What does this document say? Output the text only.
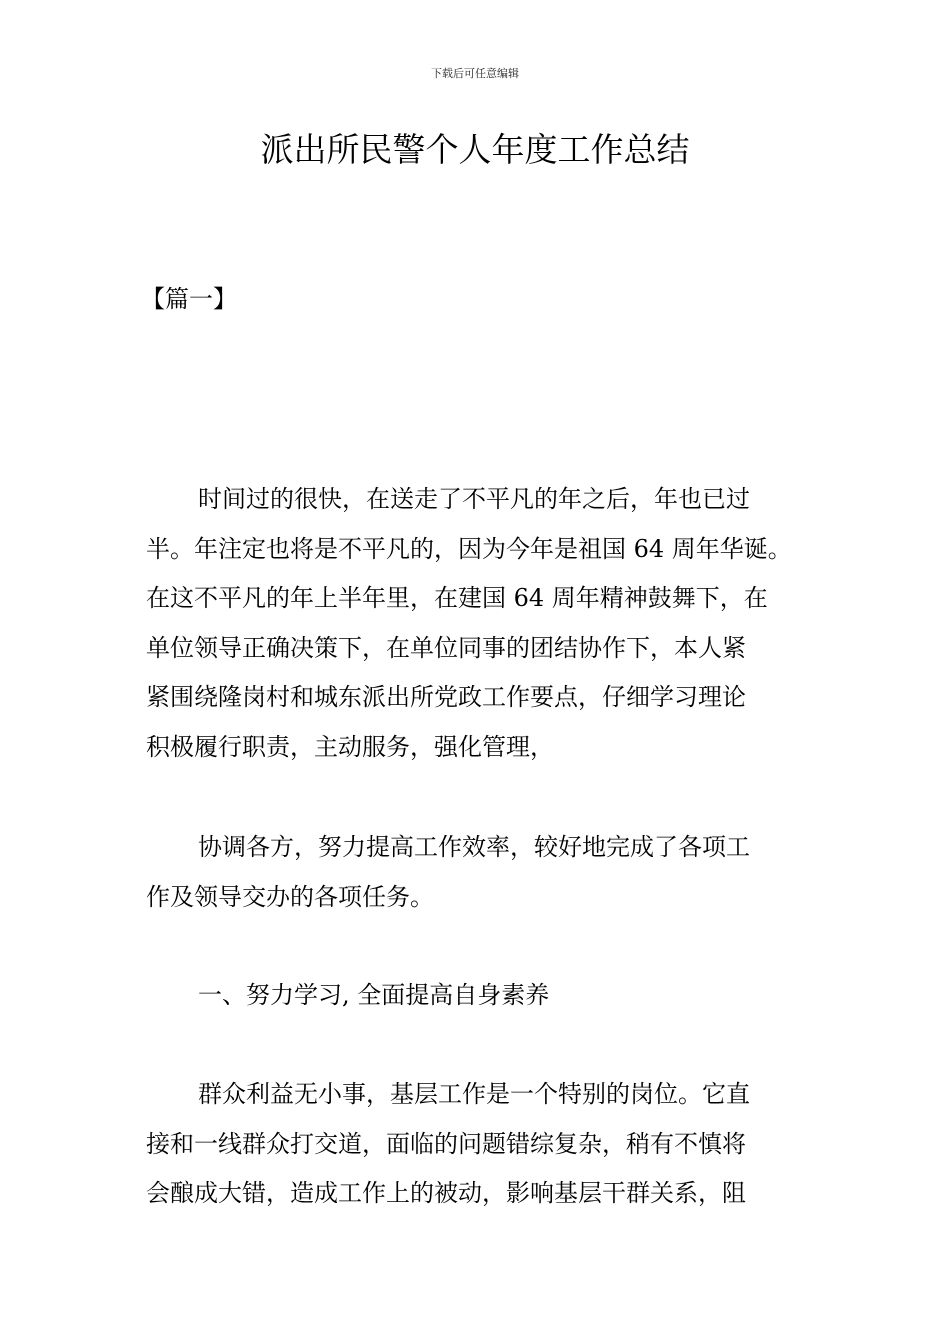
下载后可任意编辑
派出所民警个人年度工作总结
【篇一】

时间过的很快，在送走了不平凡的年之后，年也已过
半。年注定也将是不平凡的，因为今年是祖国 64 周年华诞。
在这不平凡的年上半年里，在建国 64 周年精神鼓舞下，在
单位领导正确决策下，在单位同事的团结协作下，本人紧
紧围绕隆岗村和城东派出所党政工作要点，仔细学习理论
积极履行职责，主动服务，强化管理，

协调各方，努力提高工作效率，较好地完成了各项工
作及领导交办的各项任务。

一、努力学习, 全面提高自身素养

群众利益无小事，基层工作是一个特别的岗位。它直
接和一线群众打交道，面临的问题错综复杂，稍有不慎将
会酿成大错，造成工作上的被动，影响基层干群关系，阻
